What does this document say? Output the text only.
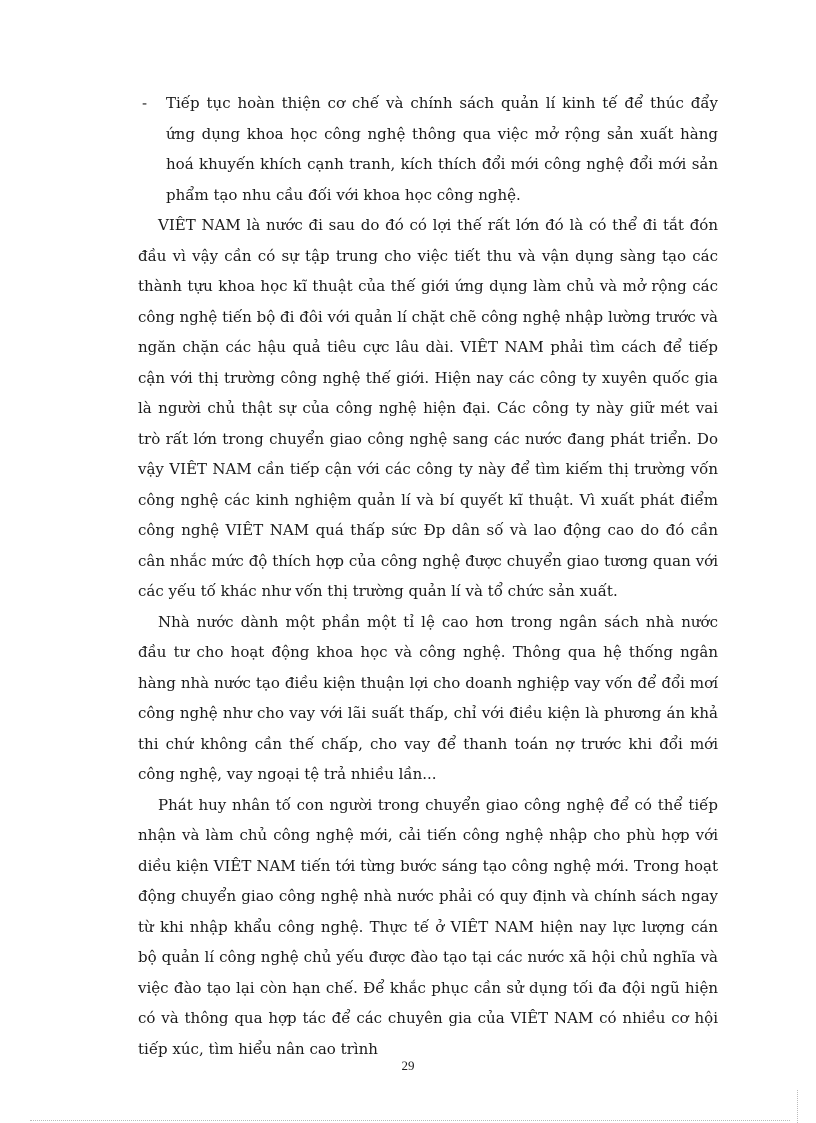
- Tiếp tục hoàn thiện cơ chế và chính sách quản lí kinh tế để thúc đẩy ứng dụng khoa học công nghệ thông qua việc mở rộng sản xuất hàng hoá khuyến khích cạnh tranh, kích thích đổi mới công nghệ đổi mới sản phẩm tạo nhu cầu đối với khoa học công nghệ.

VIÊT NAM là nước đi sau do đó có lợi thế rất lớn đó là có thể đi tắt đón đầu vì vậy cần có sự tập trung cho việc tiết thu và vận dụng sàng tạo các thành tựu khoa học kĩ thuật của thế giới ứng dụng làm chủ và mở rộng các công nghệ tiến bộ đi đôi với quản lí chặt chẽ công nghệ nhập lường trước và ngăn chặn các hậu quả tiêu cực lâu dài. VIÊT NAM phải tìm cách để tiếp cận với thị trường công nghệ thế giới. Hiện nay các công ty xuyên quốc gia là người chủ thật sự của công nghệ hiện đại. Các công ty này giữ mét vai trò rất lớn trong chuyển giao công nghệ sang các nước đang phát triển. Do vậy VIÊT NAM cần tiếp cận với các công ty này để tìm kiếm thị trường vốn công nghệ các kinh nghiệm quản lí và bí quyết kĩ thuật. Vì xuất phát điểm công nghệ VIÊT NAM quá thấp sức Đp dân số và lao động cao do đó cần cân nhắc mức độ thích hợp của công nghệ được chuyển giao tương quan với các yếu tố khác như vốn thị trường quản lí và tổ chức sản xuất.

Nhà nước dành một phần một tỉ lệ cao hơn trong ngân sách nhà nước đầu tư cho hoạt động khoa học và công nghệ. Thông qua hệ thống ngân hàng nhà nước tạo điều kiện thuận lợi cho doanh nghiệp vay vốn để đổi mơí công nghệ như cho vay với lãi suất thấp, chỉ với điều kiện là phương án khả thi chứ không cần thế chấp, cho vay để thanh toán nợ trước khi đổi mới công nghệ, vay ngoại tệ trả nhiều lần...

Phát huy nhân tố con người trong chuyển giao công nghệ để có thể tiếp nhận và làm chủ công nghệ mới, cải tiến công nghệ nhập cho phù hợp với diều kiện VIÊT NAM tiến tới từng bước sáng tạo công nghệ mới. Trong hoạt động chuyển giao công nghệ nhà nước phải có quy định và chính sách ngay từ khi nhập khẩu công nghệ. Thực tế ở VIÊT NAM hiện nay lực lượng cán bộ quản lí công nghệ chủ yếu được đào tạo tại các nước xã hội chủ nghĩa và việc đào tạo lại còn hạn chế. Để khắc phục cần sử dụng tối đa đội ngũ hiện có và thông qua hợp tác để các chuyên gia của VIÊT NAM có nhiều cơ hội tiếp xúc, tìm hiểu nân cao trình

29
